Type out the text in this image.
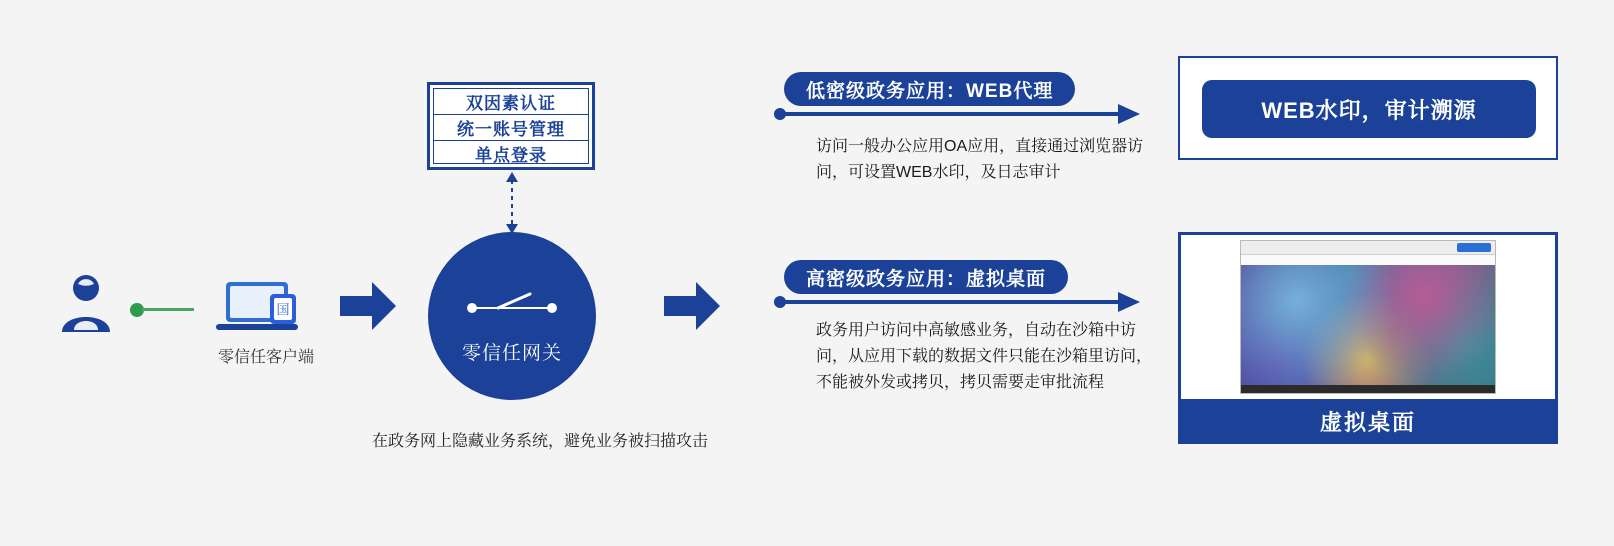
国
零信任客户端
双因素认证
统一账号管理
单点登录
零信任网关
在政务网上隐藏业务系统，避免业务被扫描攻击
低密级政务应用：WEB代理
访问一般办公应用OA应用，直接通过浏览器访问，可设置WEB水印，及日志审计
高密级政务应用：虚拟桌面
政务用户访问中高敏感业务，自动在沙箱中访问，从应用下载的数据文件只能在沙箱里访问，不能被外发或拷贝，拷贝需要走审批流程
WEB水印，审计溯源
虚拟桌面
